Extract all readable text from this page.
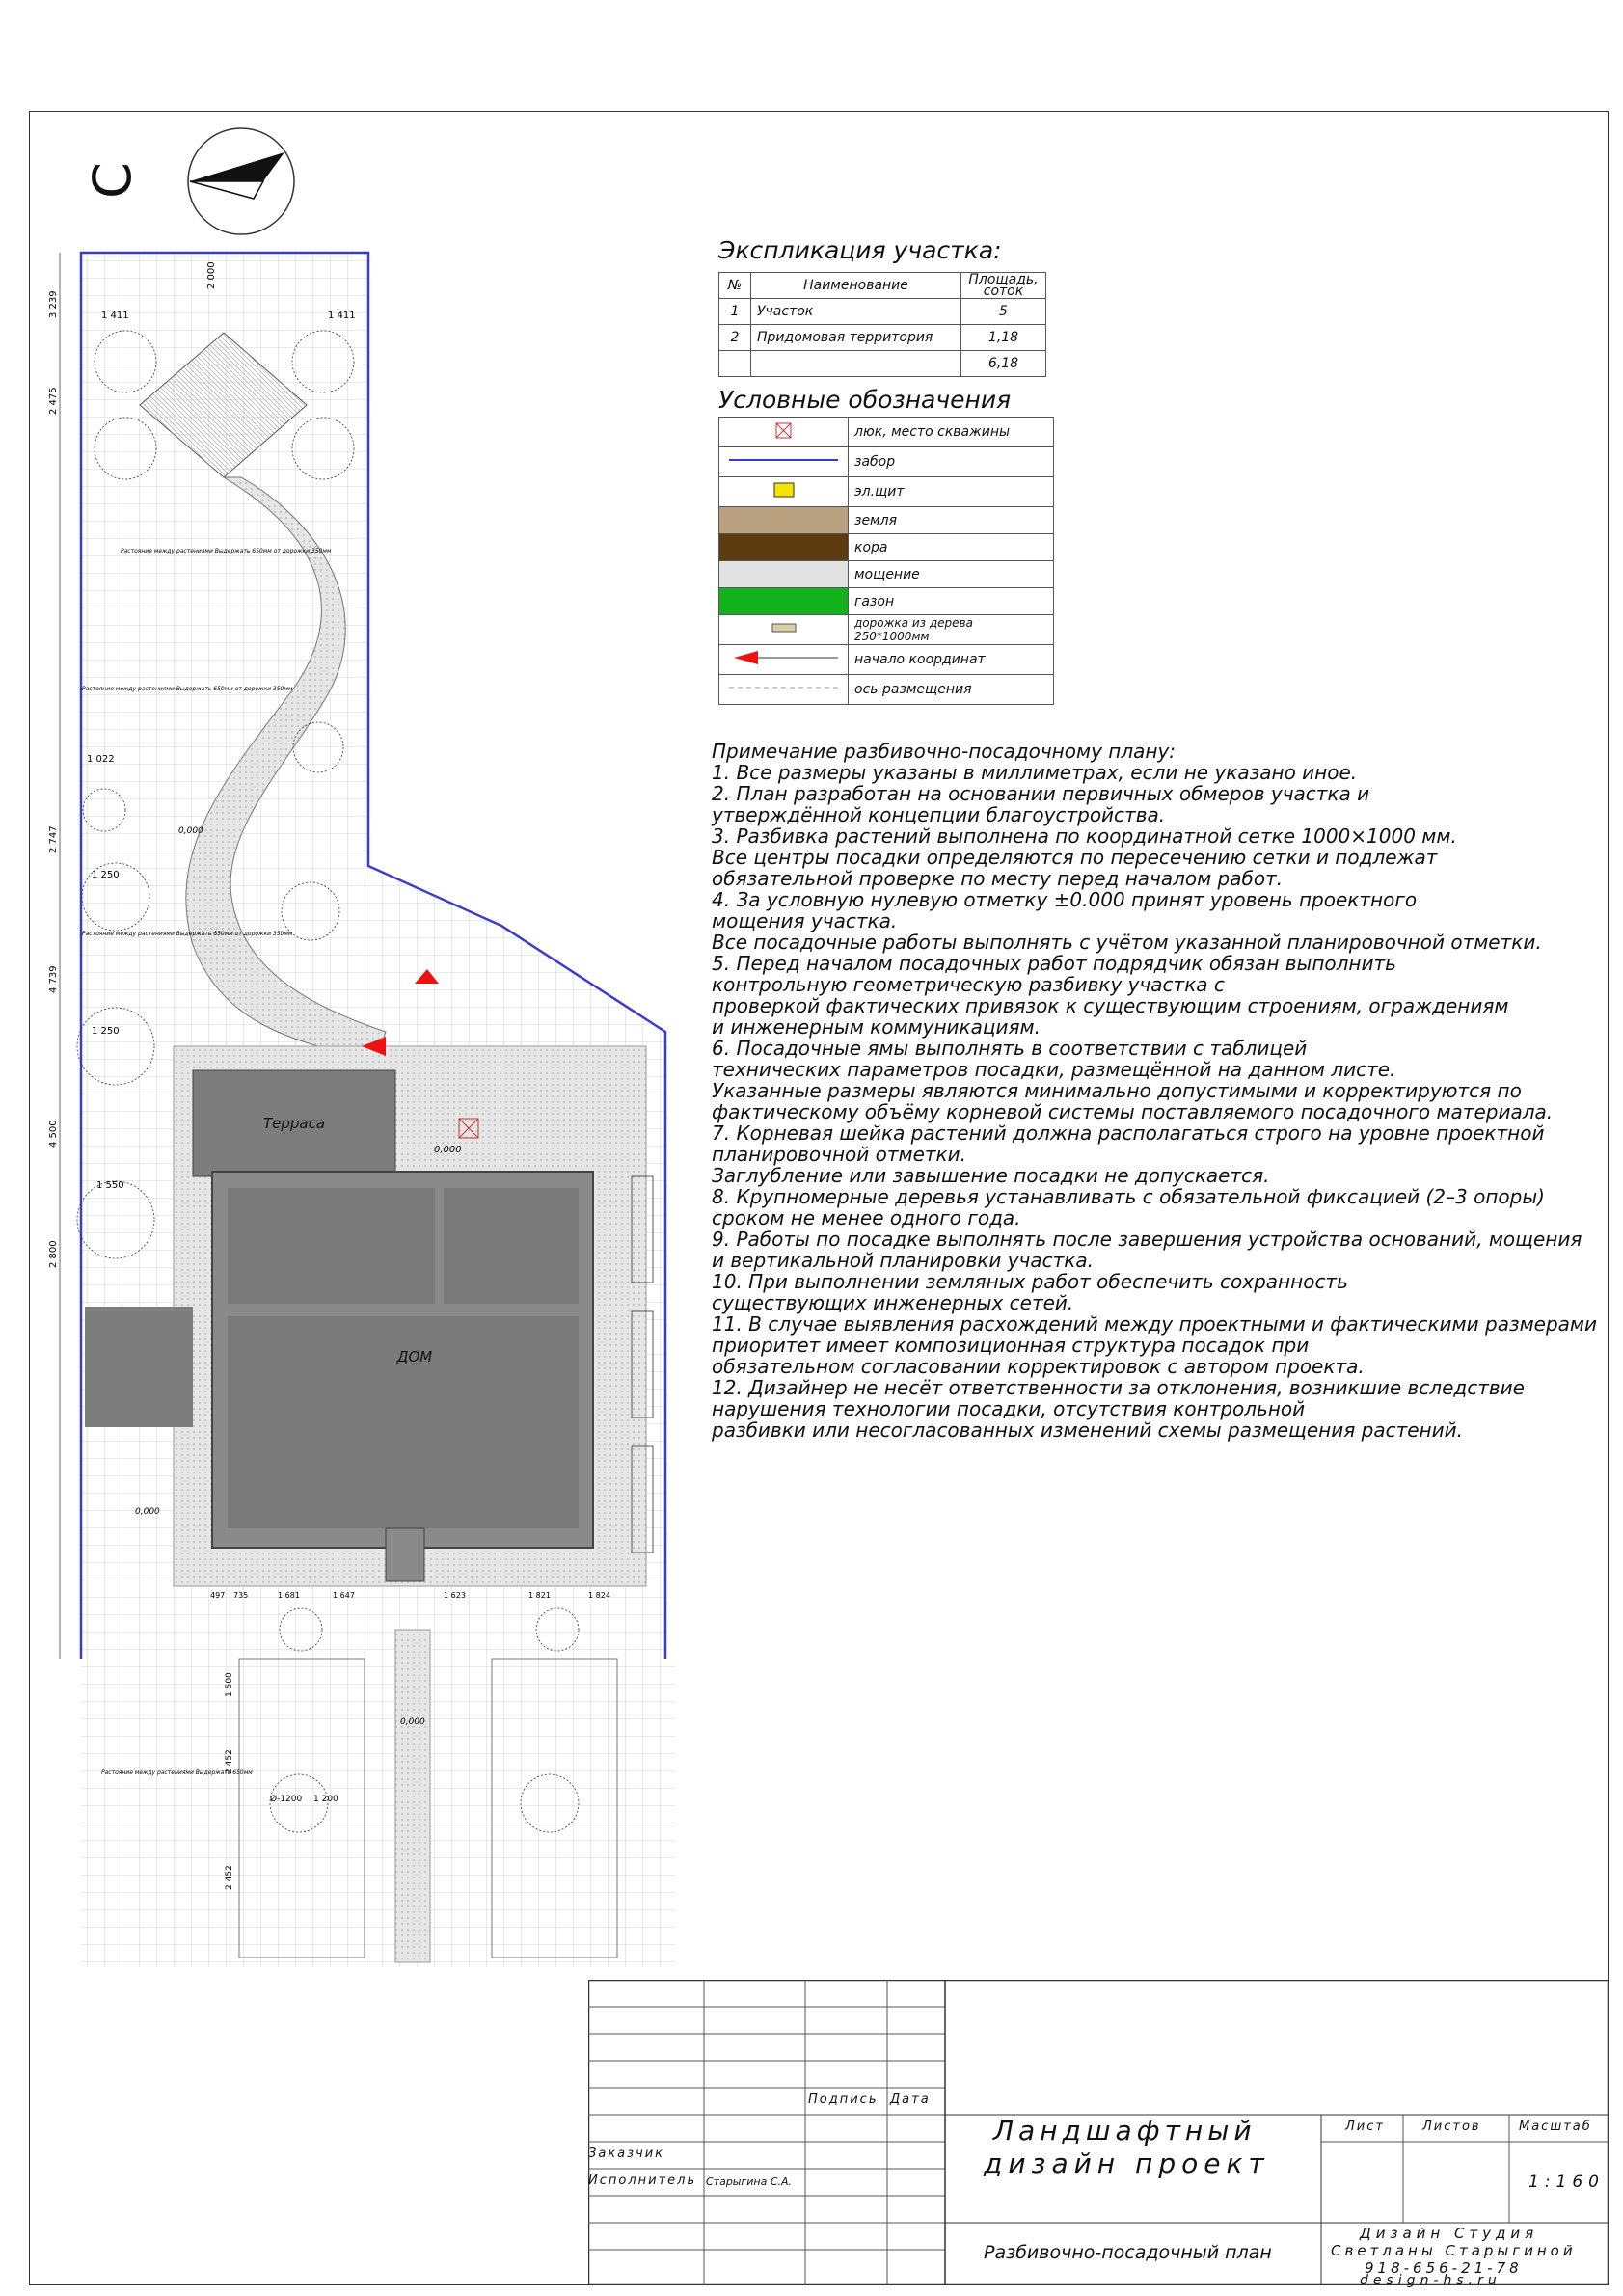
С
Терраса
ДОМ
0,000
3 239
2 475
2 747
4 739
4 500
2 800
1 411
2 000
1 411
1 022
1 250
1 250
1 550
Растояние между растениями Выдержать 650мм от дорожки 350мм
Растояние между растениями Выдержать 650мм от дорожки 350мм
Растояние между растениями Выдержать 650мм от дорожки 350мм
Растояние между растениями Выдержать 650мм
0,000
0,000
0,000
497 735	1 681	1 647	1 623	1 821	1 824
1 500
2 452
2 452
1 200
Ø-1200
Экспликация участка:
№	Наименование	Площадь, соток
1	Участок	5
2	Придомовая территория	1,18
		6,18
Условные обозначения
	люк, место скважины
	забор
	эл.щит
	земля
	кора
	мощение
	газон
	дорожка из дерева 250*1000мм
	начало координат
	ось размещения
Примечание разбивочно-посадочному плану:
1. Все размеры указаны в миллиметрах, если не указано иное.
2. План разработан на основании первичных обмеров участка и
утверждённой концепции благоустройства.
3. Разбивка растений выполнена по координатной сетке 1000×1000 мм.
Все центры посадки определяются по пересечению сетки и подлежат
обязательной проверке по месту перед началом работ.
4. За условную нулевую отметку ±0.000 принят уровень проектного
мощения участка.
Все посадочные работы выполнять с учётом указанной планировочной отметки.
5. Перед началом посадочных работ подрядчик обязан выполнить
контрольную геометрическую разбивку участка с
проверкой фактических привязок к существующим строениям, ограждениям
и инженерным коммуникациям.
6. Посадочные ямы выполнять в соответствии с таблицей
технических параметров посадки, размещённой на данном листе.
Указанные размеры являются минимально допустимыми и корректируются по
фактическому объёму корневой системы поставляемого посадочного материала.
7. Корневая шейка растений должна располагаться строго на уровне проектной
планировочной отметки.
Заглубление или завышение посадки не допускается.
8. Крупномерные деревья устанавливать с обязательной фиксацией (2–3 опоры)
сроком не менее одного года.
9. Работы по посадке выполнять после завершения устройства оснований, мощения
и вертикальной планировки участка.
10. При выполнении земляных работ обеспечить сохранность
существующих инженерных сетей.
11. В случае выявления расхождений между проектными и фактическими размерами
приоритет имеет композиционная структура посадок при
обязательном согласовании корректировок с автором проекта.
12. Дизайнер не несёт ответственности за отклонения, возникшие вследствие
нарушения технологии посадки, отсутствия контрольной
разбивки или несогласованных изменений схемы размещения растений.
Подпись Дата
Заказчик
Исполнитель Старыгина С.А.
Ландшафтный
дизайн проект
Лист	Листов	Масштаб
1:160
Разбивочно-посадочный план
Дизайн Студия
Светланы Старыгиной
918-656-21-78
design-hs.ru
